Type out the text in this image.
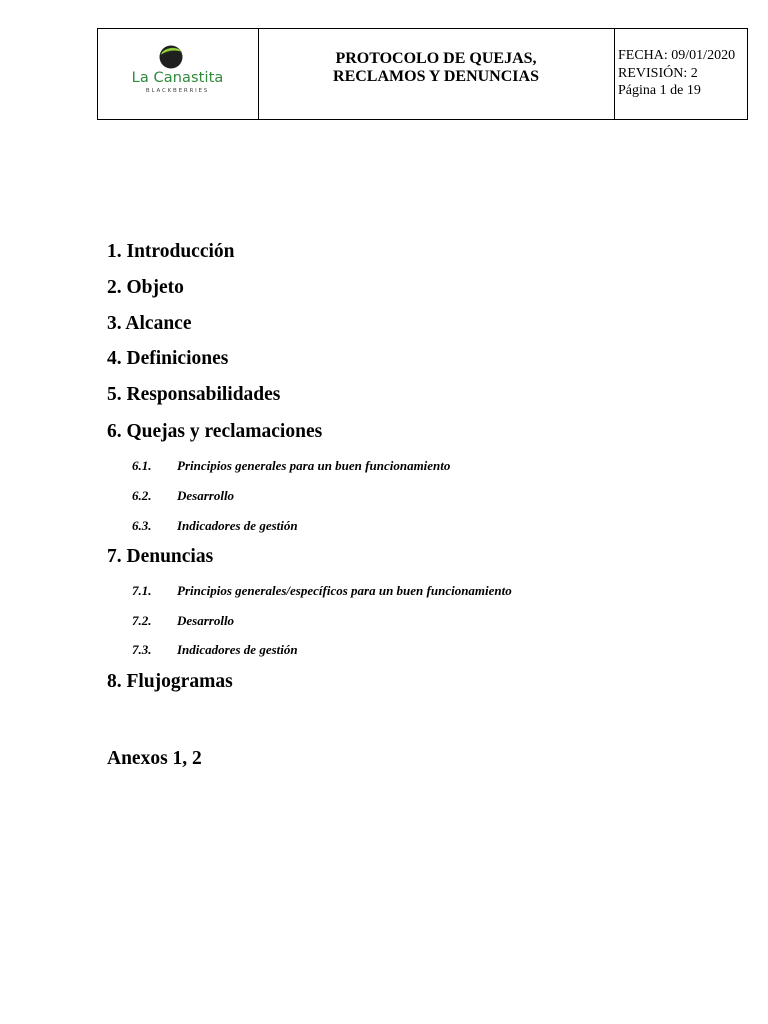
La Canastita
BLACKBERRIES
PROTOCOLO DE QUEJAS,
RECLAMOS Y DENUNCIAS
FECHA: 09/01/2020
REVISIÓN: 2
Página 1 de 19
1. Introducción
2. Objeto
3. Alcance
4. Definiciones
5. Responsabilidades
6. Quejas y reclamaciones
6.1. Principios generales para un buen funcionamiento
6.2. Desarrollo
6.3. Indicadores de gestión
7. Denuncias
7.1. Principios generales/específicos para un buen funcionamiento
7.2. Desarrollo
7.3. Indicadores de gestión
8. Flujogramas
Anexos 1, 2
